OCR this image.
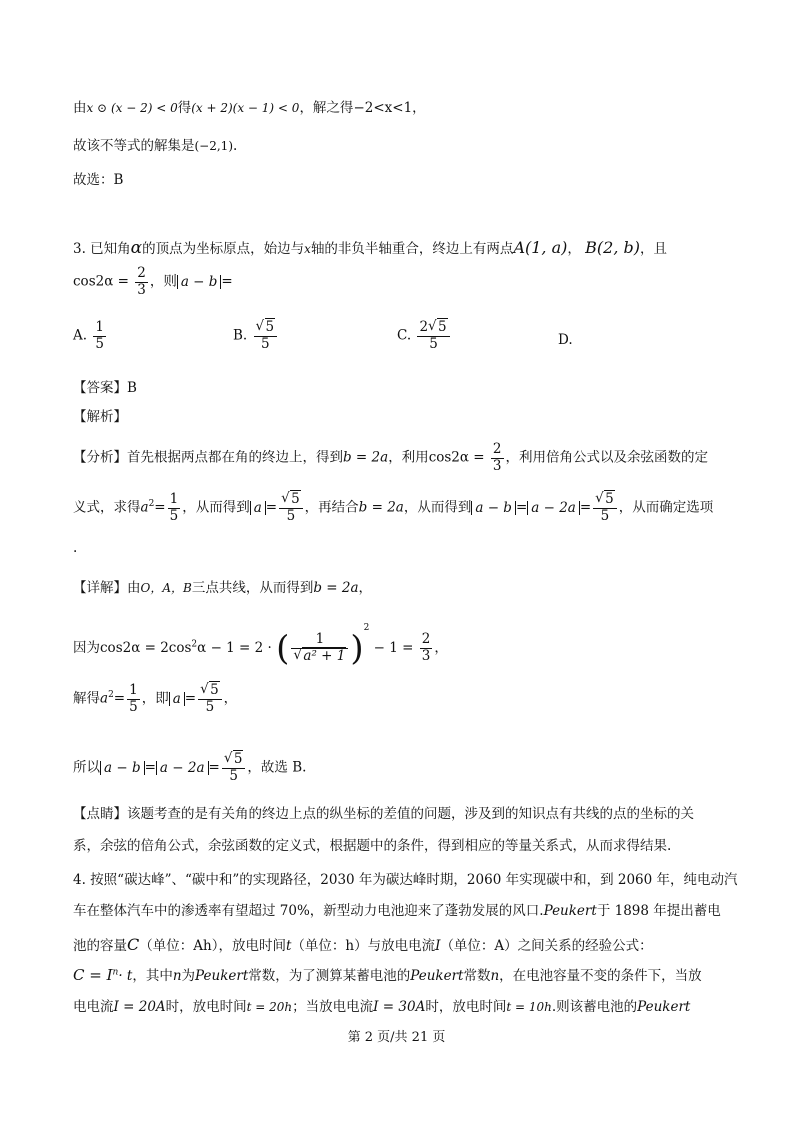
由x ⊙ (x − 2) < 0得(x + 2)(x − 1) < 0，解之得−2<x<1，
故该不等式的解集是(−2,1).
故选：B
3. 已知角α的顶点为坐标原点，始边与x轴的非负半轴重合，终边上有两点A(1, a)， B(2, b)，且
$\cos 2\alpha = \frac{2}{3}$ ，则 a − b =
A. $\frac{1}{5}$	B. √ $\frac{5}{5}$	C. $\frac{2 √ 5}{5}$	D.
【答案】B
【解析】
【分析】首先根据两点都在角的终边上，得到b = 2a，利用$\cos 2\alpha = \frac{2}{3}$ ，利用倍角公式以及余弦函数的定
义式，求得$a^2= \frac{1}{5}$ ，从而得到 a = √ $\frac{5}{5}$ ，再结合b = 2a，从而得到 a − b = a − 2a = √ $\frac{5}{5}$ ，从而确定选项
.
【详解】由O，A，B三点共线，从而得到b = 2a，
因为$\cos 2\alpha = 2\cos^2\alpha - 1 = 2$ · ( 1
√ a² + 1 )$^2 - 1 = \frac{2}{3}$ ，
解得$a^2= \frac{1}{5}$ ，即 a = √ $\frac{5}{5}$ ，
所以 a − b = a − 2a = √ $\frac{5}{5}$ ，故选 B.
【点睛】该题考查的是有关角的终边上点的纵坐标的差值的问题，涉及到的知识点有共线的点的坐标的关
系，余弦的倍角公式，余弦函数的定义式，根据题中的条件，得到相应的等量关系式，从而求得结果.
4. 按照“碳达峰”、“碳中和”的实现路径，2030 年为碳达峰时期，2060 年实现碳中和，到 2060 年，纯电动汽
车在整体汽车中的渗透率有望超过 70%，新型动力电池迎来了蓬勃发展的风口.Peukert于 1898 年提出蓄电
池的容量C（单位：Ah），放电时间t（单位：h）与放电电流I（单位：A）之间关系的经验公式：
$C = I^n\cdot t$，其中n为Peukert常数，为了测算某蓄电池的Peukert常数n，在电池容量不变的条件下，当放
电电流I = 20A时，放电时间t = 20h；当放电电流I = 30A时，放电时间t = 10h.则该蓄电池的Peukert
第 2 页/共 21 页
